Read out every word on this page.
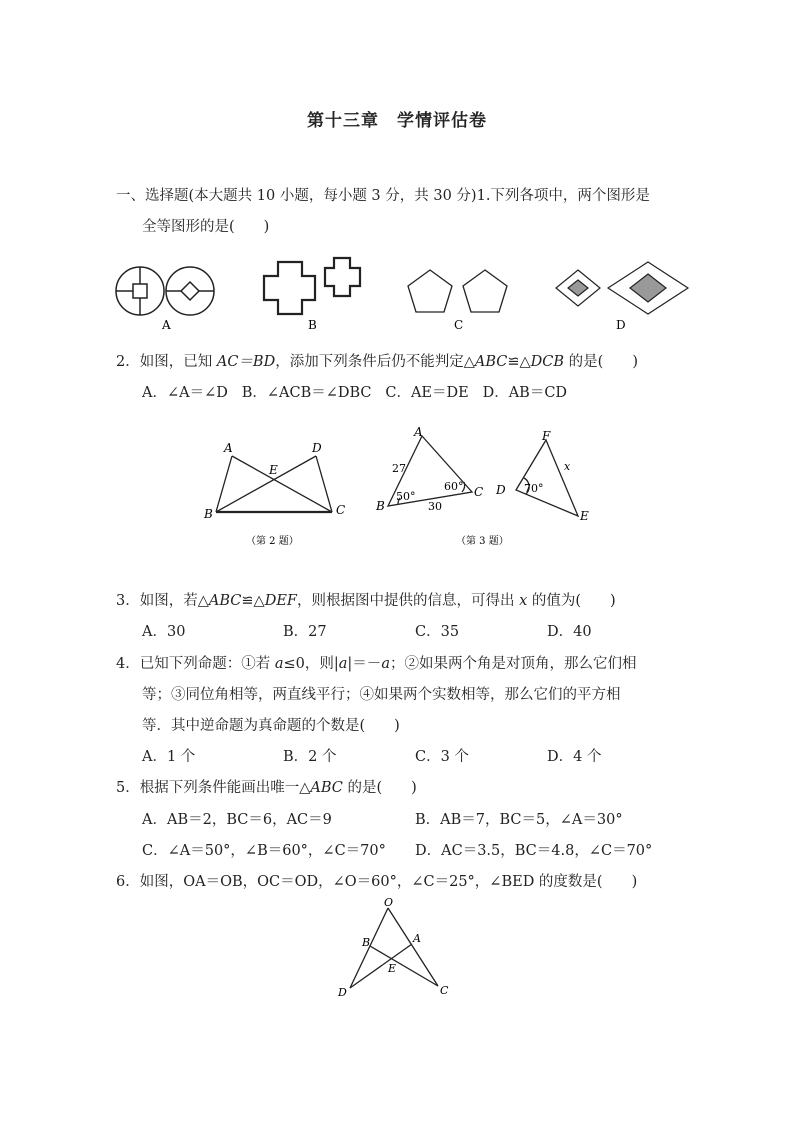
第十三章　学情评估卷
一、选择题(本大题共 10 小题，每小题 3 分，共 30 分)1.下列各项中，两个图形是
全等图形的是(　　)
A	B	C	D
2．如图，已知 AC＝BD，添加下列条件后仍不能判定△ABC≌△DCB 的是(　　)
A．∠A＝∠D B．∠ACB＝∠DBC C．AE＝DE D．AB＝CD
A	D
E
B	C
（第 2 题）
A
B
C
27
50°
60°
30
F
D
E
x
70°
（第 3 题）
3．如图，若△ABC≌△DEF，则根据图中提供的信息，可得出 x 的值为(　　)
A．30	B．27	C．35	D．40
4．已知下列命题：①若 a≤0，则|a|＝－a；②如果两个角是对顶角，那么它们相
等；③同位角相等，两直线平行；④如果两个实数相等，那么它们的平方相
等．其中逆命题为真命题的个数是(　　)
A．1 个	B．2 个	C．3 个	D．4 个
5．根据下列条件能画出唯一△ABC 的是(　　)
A．AB＝2，BC＝6，AC＝9	B．AB＝7，BC＝5，∠A＝30°
C．∠A＝50°，∠B＝60°，∠C＝70° D．AC＝3.5，BC＝4.8，∠C＝70°
6．如图，OA＝OB，OC＝OD，∠O＝60°，∠C＝25°，∠BED 的度数是(　　)
O
B	A
E
D	C
